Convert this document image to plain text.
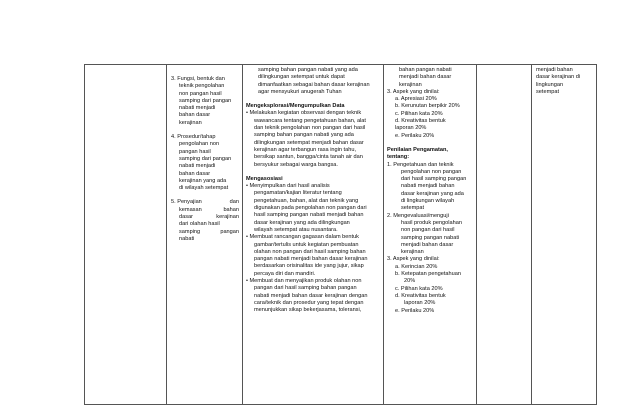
3. Fungsi, bentuk dan
teknik pengolahan
non pangan hasil
samping dari pangan
nabati menjadi
bahan dasar
kerajinan
4. Prosedur/tahap
pengolahan non
pangan hasil
samping dari pangan
nabati menjadi
bahan dasar
kerajinan yang ada
di wilayah setempat
5. Penyajian	dan
kemasan	bahan
dasar	kerajinan
dari olahan hasil
samping	pangan
nabati

samping bahan pangan nabati yang ada
dilingkungan setempat untuk dapat
dimanfaatkan sebagai bahan dasar kerajinan
agar mensyukuri anugerah Tuhan
Mengeksplorasi/Mengumpulkan Data
• Melakukan kegiatan observasi dengan teknik
wawancara tentang pengetahuan bahan, alat
dan teknik pengolahan non pangan dari hasil
samping bahan pangan nabati yang ada
dilingkungan setempat menjadi bahan dasar
kerajinan agar terbangun rasa ingin tahu,
bersikap santun, bangga/cinta tanah air dan
bersyukur sebagai warga bangsa.
Mengasosiasi
• Menyimpulkan dari hasil analisis
pengamatan/kajian literatur tentang
pengetahuan, bahan, alat dan teknik yang
digunakan pada pengolahan non pangan dari
hasil samping pangan nabati menjadi bahan
dasar kerajinan yang ada dilingkungan
wilayah setempat atau nusantara.
• Membuat rancangan gagasan dalam bentuk
gambar/tertulis untuk kegiatan pembuatan
olahan non pangan dari hasil samping bahan
pangan nabati menjadi bahan dasar kerajinan
berdasarkan orisinalitas ide yang jujur, sikap
percaya diri dan mandiri.
• Membuat dan menyajikan produk olahan non
pangan dari hasil samping bahan pangan
nabati menjadi bahan dasar kerajinan dengan
cara/teknik dan prosedur yang tepat dengan
menunjukkan sikap bekerjasama, toleransi,

bahan pangan nabati
menjadi bahan dasar
kerajinan
3. Aspek yang dinilai:
a. Apresiasi 20%
b. Kerunutan berpikir 20%
c. Pilihan kata 20%
d. Kreativitas bentuk
laporan 20%
e. Perilaku 20%
Penilaian Pengamatan,
tentang:
1. Pengetahuan dan teknik
pengolahan non pangan
dari hasil samping pangan
nabati menjadi bahan
dasar kerajinan yang ada
di lingkungan wilayah
setempat
2. Mengevaluasi/menguji
hasil produk pengolahan
non pangan dari hasil
samping pangan nabati
menjadi bahan dasar
kerajinan
3. Aspek yang dinilai:
a. Kerincian 20%
b. Ketepatan pengetahuan
20%
c. Pilihan kata 20%
d. Kreativitas bentuk
laporan 20%
e. Perilaku 20%

menjadi bahan
dasar kerajinan di
lingkungan
setempat
